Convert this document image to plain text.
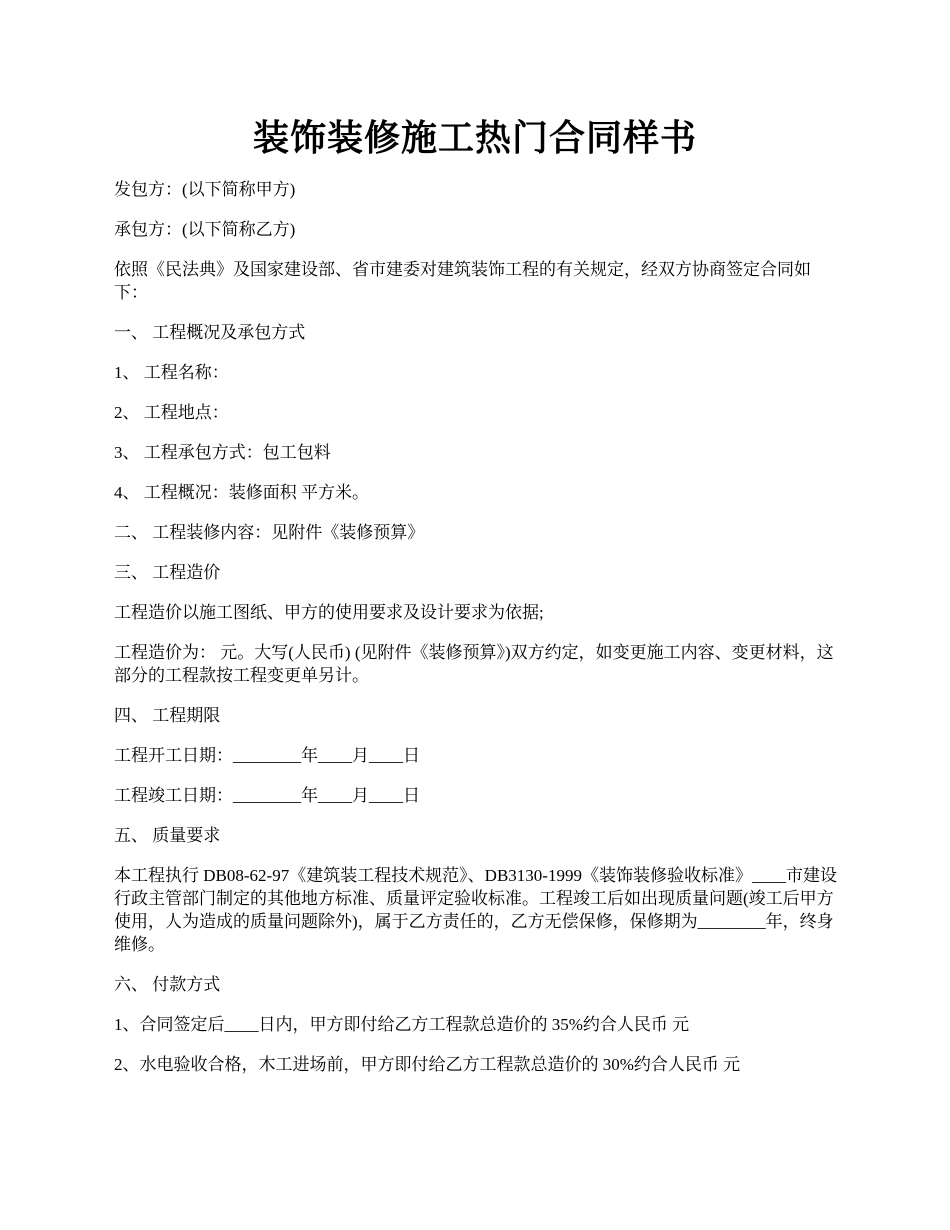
装饰装修施工热门合同样书

发包方：(以下简称甲方)

承包方：(以下简称乙方)

依照《民法典》及国家建设部、省市建委对建筑装饰工程的有关规定，经双方协商签定合同如下：

一、 工程概况及承包方式

1、 工程名称：

2、 工程地点：

3、 工程承包方式：包工包料

4、 工程概况：装修面积 平方米。

二、 工程装修内容：见附件《装修预算》

三、 工程造价

工程造价以施工图纸、甲方的使用要求及设计要求为依据;

工程造价为： 元。大写(人民币) (见附件《装修预算》)双方约定，如变更施工内容、变更材料，这部分的工程款按工程变更单另计。

四、 工程期限

工程开工日期：________年____月____日

工程竣工日期：________年____月____日

五、 质量要求

本工程执行 DB08-62-97《建筑装工程技术规范》、DB3130-1999《装饰装修验收标准》____市建设行政主管部门制定的其他地方标准、质量评定验收标准。工程竣工后如出现质量问题(竣工后甲方使用，人为造成的质量问题除外)，属于乙方责任的，乙方无偿保修，保修期为________年，终身维修。

六、 付款方式

1、合同签定后____日内，甲方即付给乙方工程款总造价的 35%约合人民币 元

2、水电验收合格，木工进场前，甲方即付给乙方工程款总造价的 30%约合人民币 元
